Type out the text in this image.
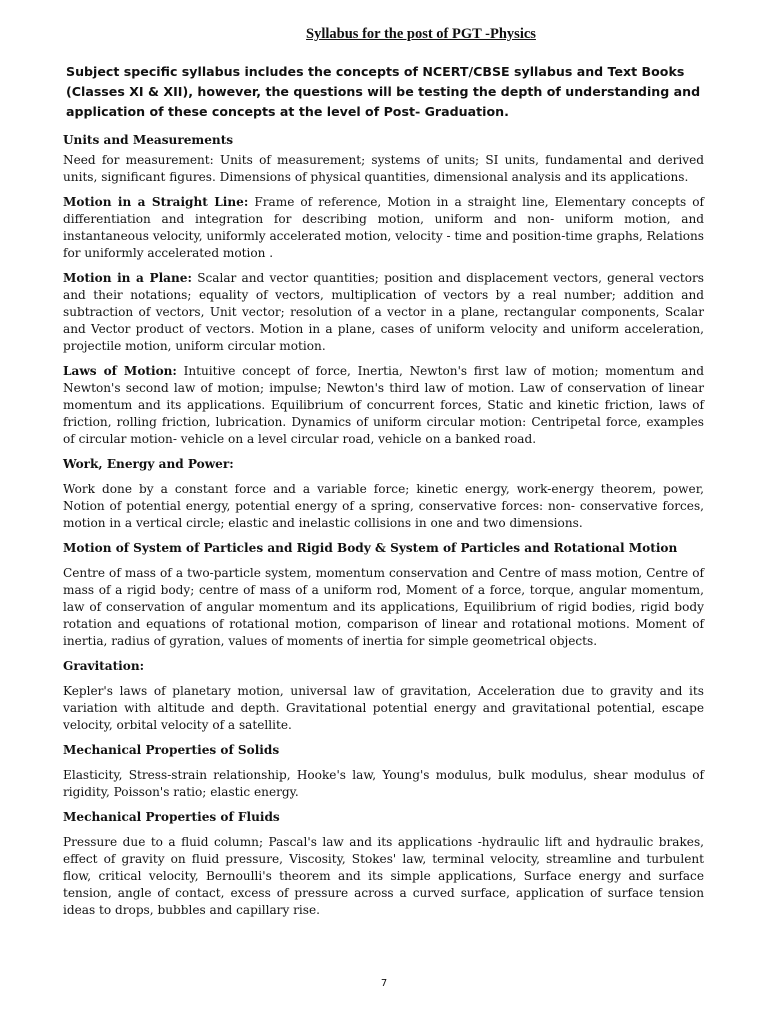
Syllabus for the post of PGT -Physics
Subject specific syllabus includes the concepts of NCERT/CBSE syllabus and Text Books (Classes XI & XII), however, the questions will be testing the depth of understanding and application of these concepts at the level of Post- Graduation.
Units and Measurements
Need for measurement: Units of measurement; systems of units; SI units, fundamental and derived units, significant figures. Dimensions of physical quantities, dimensional analysis and its applications.
Motion in a Straight Line: Frame of reference, Motion in a straight line, Elementary concepts of differentiation and integration for describing motion, uniform and non- uniform motion, and instantaneous velocity, uniformly accelerated motion, velocity - time and position-time graphs, Relations for uniformly accelerated motion .
Motion in a Plane: Scalar and vector quantities; position and displacement vectors, general vectors and their notations; equality of vectors, multiplication of vectors by a real number; addition and subtraction of vectors, Unit vector; resolution of a vector in a plane, rectangular components, Scalar and Vector product of vectors. Motion in a plane, cases of uniform velocity and uniform acceleration, projectile motion, uniform circular motion.
Laws of Motion: Intuitive concept of force, Inertia, Newton's first law of motion; momentum and Newton's second law of motion; impulse; Newton's third law of motion. Law of conservation of linear momentum and its applications. Equilibrium of concurrent forces, Static and kinetic friction, laws of friction, rolling friction, lubrication. Dynamics of uniform circular motion: Centripetal force, examples of circular motion- vehicle on a level circular road, vehicle on a banked road.
Work, Energy and Power:
Work done by a constant force and a variable force; kinetic energy, work-energy theorem, power, Notion of potential energy, potential energy of a spring, conservative forces: non- conservative forces, motion in a vertical circle; elastic and inelastic collisions in one and two dimensions.
Motion of System of Particles and Rigid Body & System of Particles and Rotational Motion
Centre of mass of a two-particle system, momentum conservation and Centre of mass motion, Centre of mass of a rigid body; centre of mass of a uniform rod, Moment of a force, torque, angular momentum, law of conservation of angular momentum and its applications, Equilibrium of rigid bodies, rigid body rotation and equations of rotational motion, comparison of linear and rotational motions. Moment of inertia, radius of gyration, values of moments of inertia for simple geometrical objects.
Gravitation:
Kepler's laws of planetary motion, universal law of gravitation, Acceleration due to gravity and its variation with altitude and depth. Gravitational potential energy and gravitational potential, escape velocity, orbital velocity of a satellite.
Mechanical Properties of Solids
Elasticity, Stress-strain relationship, Hooke's law, Young's modulus, bulk modulus, shear modulus of rigidity, Poisson's ratio; elastic energy.
Mechanical Properties of Fluids
Pressure due to a fluid column; Pascal's law and its applications -hydraulic lift and hydraulic brakes, effect of gravity on fluid pressure, Viscosity, Stokes' law, terminal velocity, streamline and turbulent flow, critical velocity, Bernoulli's theorem and its simple applications, Surface energy and surface tension, angle of contact, excess of pressure across a curved surface, application of surface tension ideas to drops, bubbles and capillary rise.
7
